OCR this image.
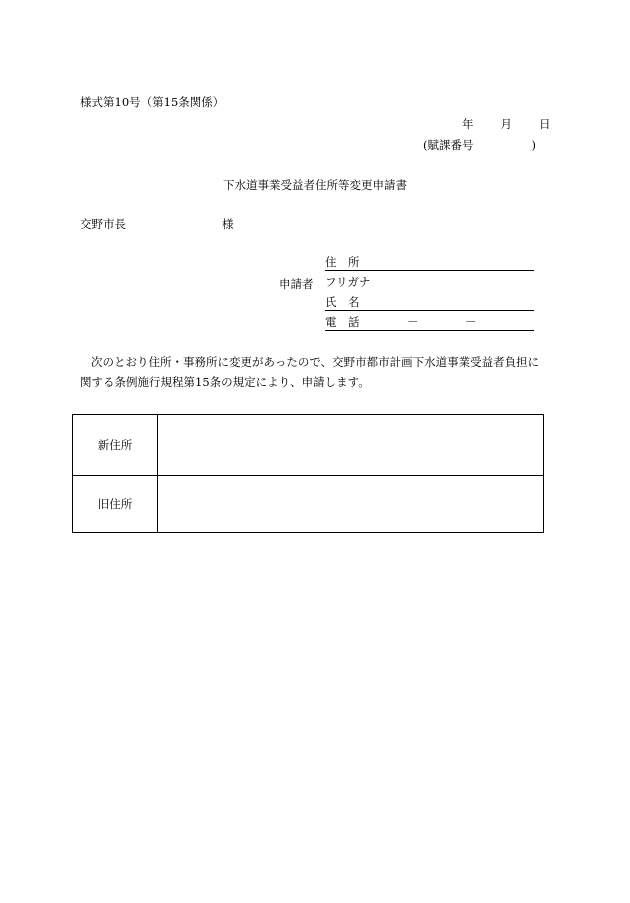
様式第10号（第15条関係）
年 月 日
(賦課番号	)
下水道事業受益者住所等変更申請書
交野市長	様
申請者
住　所
フリガナ
氏　名
電　話	－	－
次のとおり住所・事務所に変更があったので、交野市都市計画下水道事業受益者負担に
関する条例施行規程第15条の規定により、申請します。
新住所	
旧住所	
